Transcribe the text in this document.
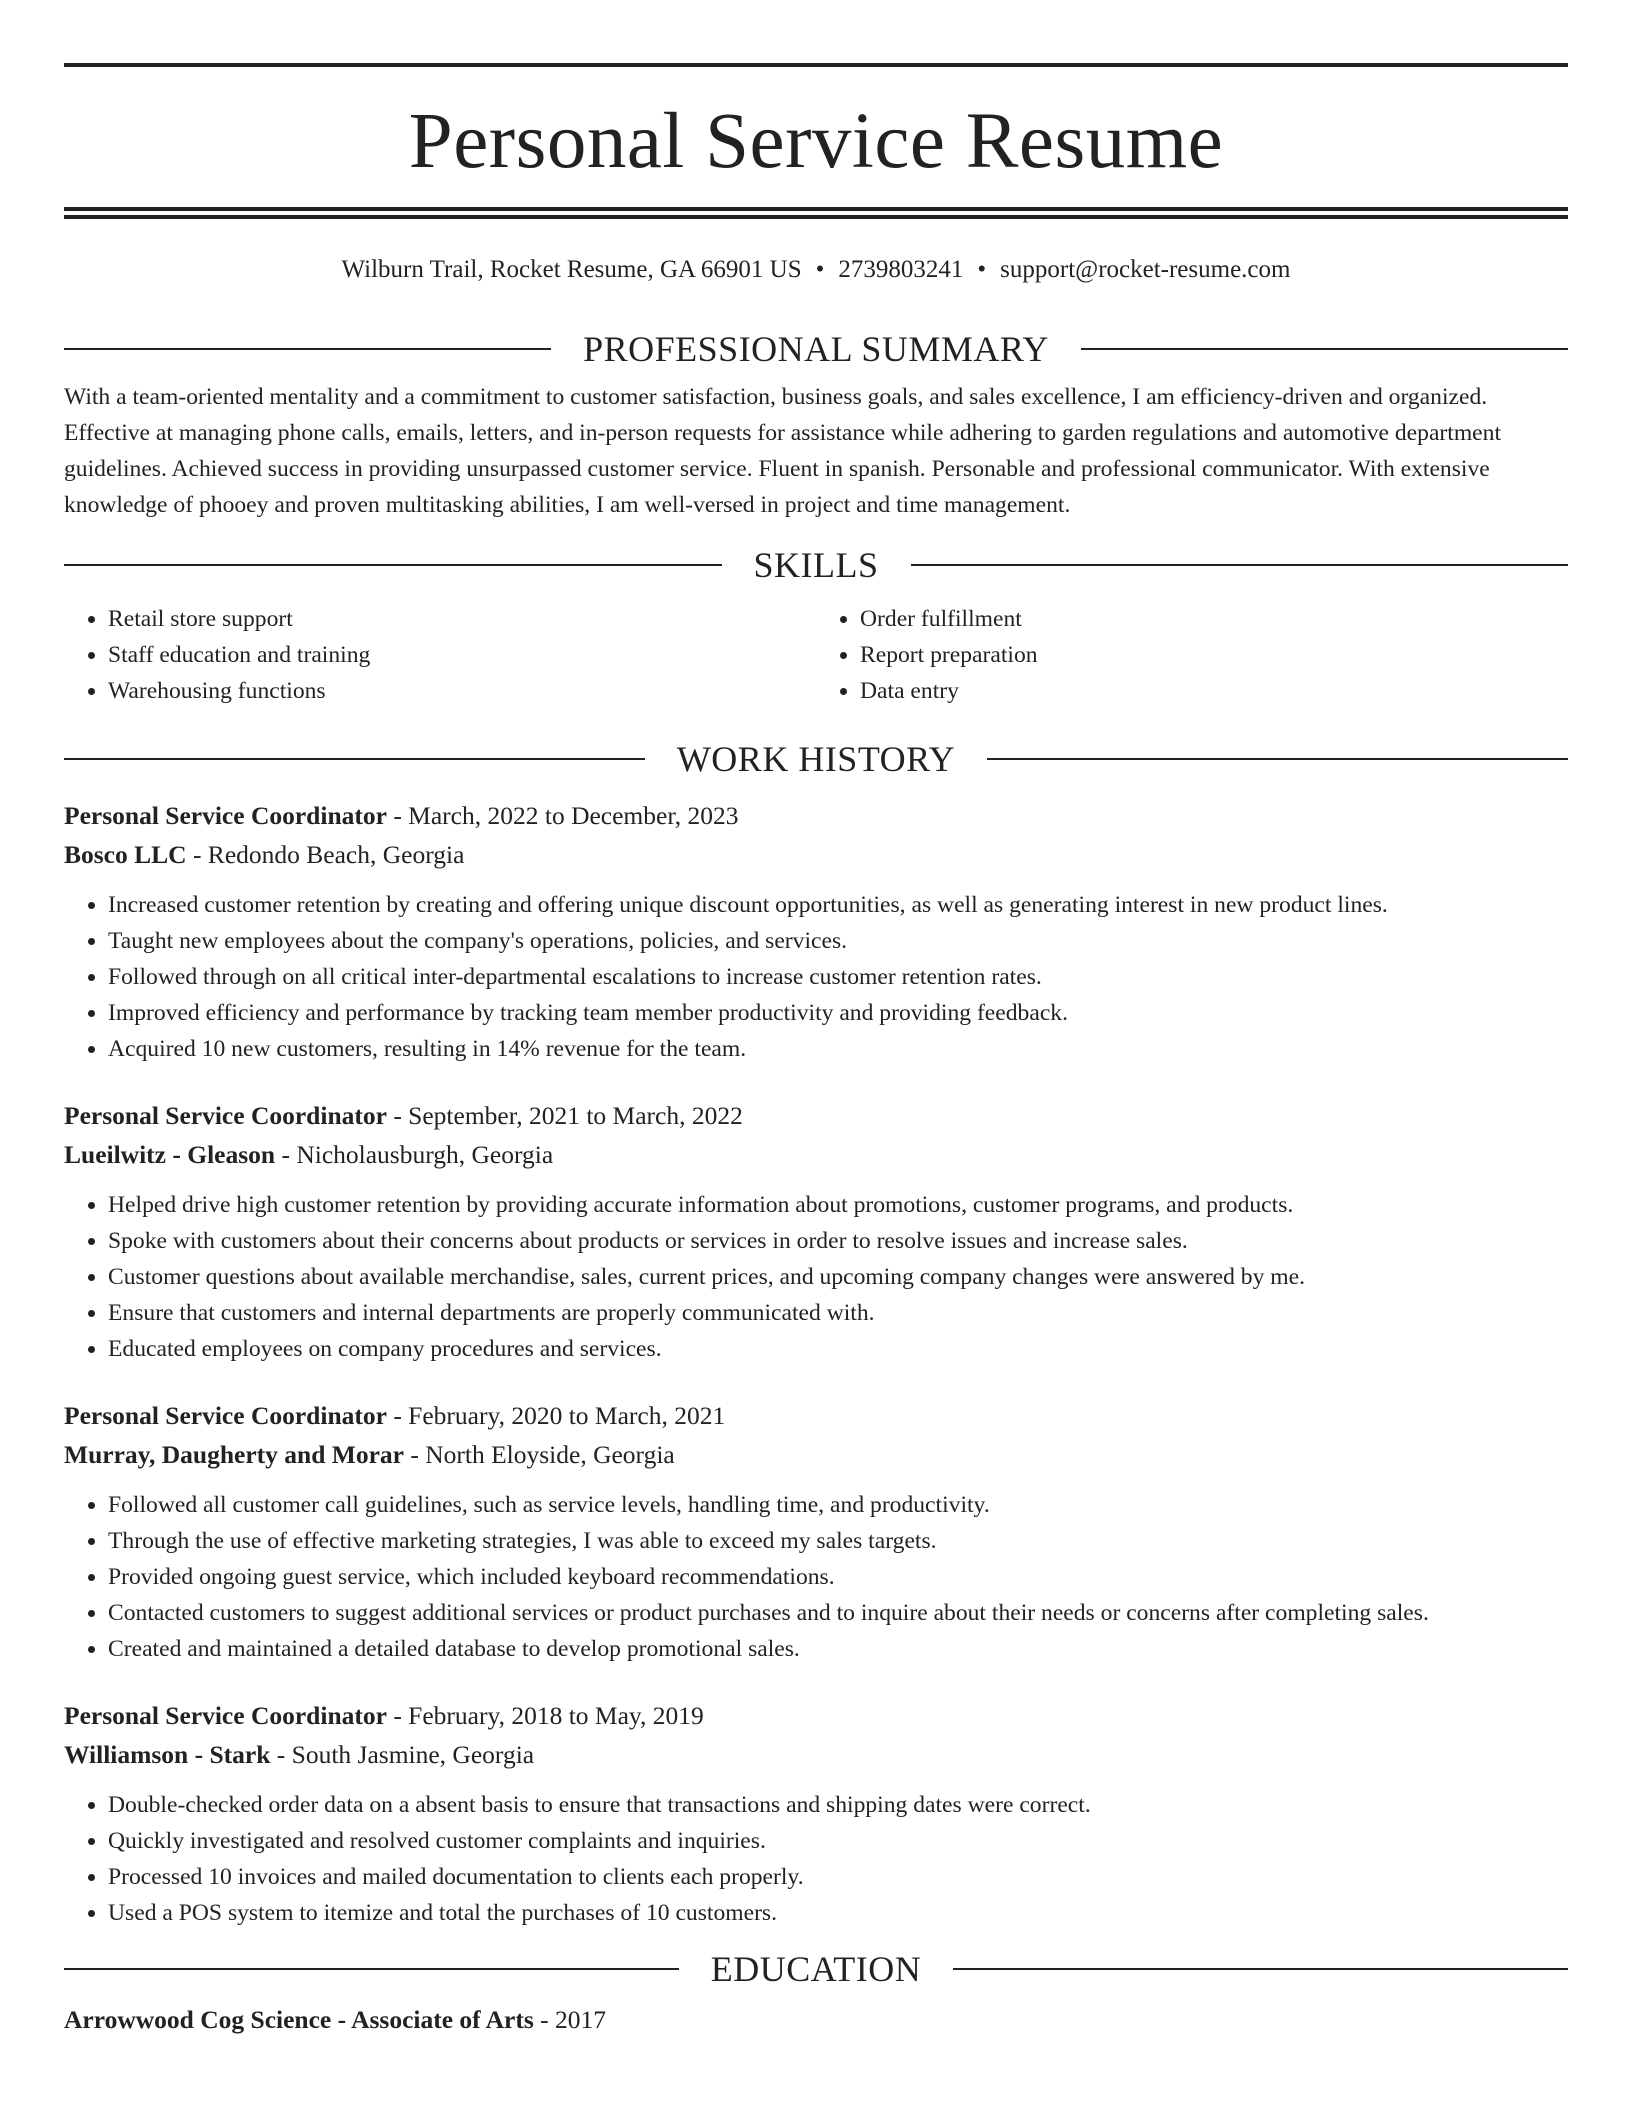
Personal Service Resume
Wilburn Trail, Rocket Resume, GA 66901 US • 2739803241 • support@rocket-resume.com
PROFESSIONAL SUMMARY

With a team-oriented mentality and a commitment to customer satisfaction, business goals, and sales excellence, I am efficiency-driven and organized. Effective at managing phone calls, emails, letters, and in-person requests for assistance while adhering to garden regulations and automotive department guidelines. Achieved success in providing unsurpassed customer service. Fluent in spanish. Personable and professional communicator. With extensive knowledge of phooey and proven multitasking abilities, I am well-versed in project and time management.

SKILLS
• Retail store support
• Staff education and training
• Warehousing functions
• Order fulfillment
• Report preparation
• Data entry
WORK HISTORY
Personal Service Coordinator - March, 2022 to December, 2023
Bosco LLC - Redondo Beach, Georgia
• Increased customer retention by creating and offering unique discount opportunities, as well as generating interest in new product lines.
• Taught new employees about the company's operations, policies, and services.
• Followed through on all critical inter-departmental escalations to increase customer retention rates.
• Improved efficiency and performance by tracking team member productivity and providing feedback.
• Acquired 10 new customers, resulting in 14% revenue for the team.
Personal Service Coordinator - September, 2021 to March, 2022
Lueilwitz - Gleason - Nicholausburgh, Georgia
• Helped drive high customer retention by providing accurate information about promotions, customer programs, and products.
• Spoke with customers about their concerns about products or services in order to resolve issues and increase sales.
• Customer questions about available merchandise, sales, current prices, and upcoming company changes were answered by me.
• Ensure that customers and internal departments are properly communicated with.
• Educated employees on company procedures and services.
Personal Service Coordinator - February, 2020 to March, 2021
Murray, Daugherty and Morar - North Eloyside, Georgia
• Followed all customer call guidelines, such as service levels, handling time, and productivity.
• Through the use of effective marketing strategies, I was able to exceed my sales targets.
• Provided ongoing guest service, which included keyboard recommendations.
• Contacted customers to suggest additional services or product purchases and to inquire about their needs or concerns after completing sales.
• Created and maintained a detailed database to develop promotional sales.
Personal Service Coordinator - February, 2018 to May, 2019
Williamson - Stark - South Jasmine, Georgia
• Double-checked order data on a absent basis to ensure that transactions and shipping dates were correct.
• Quickly investigated and resolved customer complaints and inquiries.
• Processed 10 invoices and mailed documentation to clients each properly.
• Used a POS system to itemize and total the purchases of 10 customers.
EDUCATION
Arrowwood Cog Science - Associate of Arts - 2017
